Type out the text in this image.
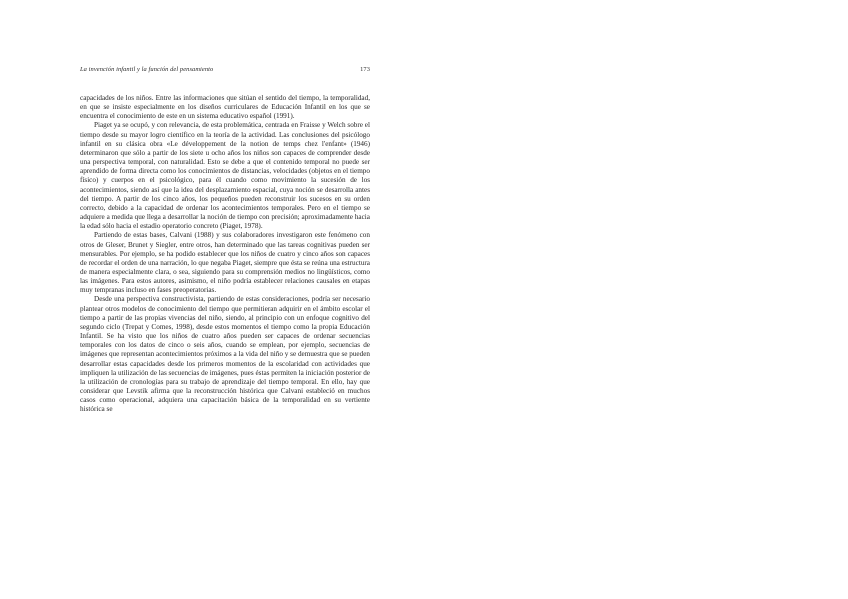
La invención infantil y la función del pensamiento	173

capacidades de los niños. Entre las informaciones que sitúan el sentido del tiempo, la temporalidad, en que se insiste especialmente en los diseños curriculares de Educación Infantil en los que se encuentra el conocimiento de este en un sistema educativo español (1991).

Piaget ya se ocupó, y con relevancia, de esta problemática, centrada en Fraisse y Welch sobre el tiempo desde su mayor logro científico en la teoría de la actividad. Las conclusiones del psicólogo infantil en su clásica obra «Le développement de la notion de temps chez l'enfant» (1946) determinaron que sólo a partir de los siete u ocho años los niños son capaces de comprender desde una perspectiva temporal, con naturalidad. Esto se debe a que el contenido temporal no puede ser aprendido de forma directa como los conocimientos de distancias, velocidades (objetos en el tiempo físico) y cuerpos en el psicológico, para él cuando como movimiento la sucesión de los acontecimientos, siendo así que la idea del desplazamiento espacial, cuya noción se desarrolla antes del tiempo. A partir de los cinco años, los pequeños pueden reconstruir los sucesos en su orden correcto, debido a la capacidad de ordenar los acontecimientos temporales. Pero en el tiempo se adquiere a medida que llega a desarrollar la noción de tiempo con precisión; aproximadamente hacia la edad sólo hacia el estadio operatorio concreto (Piaget, 1978).

Partiendo de estas bases, Calvani (1988) y sus colaboradores investigaron este fenómeno con otros de Gleser, Brunet y Siegler, entre otros, han determinado que las tareas cognitivas pueden ser mensurables. Por ejemplo, se ha podido establecer que los niños de cuatro y cinco años son capaces de recordar el orden de una narración, lo que negaba Piaget, siempre que ésta se reúna una estructura de manera especialmente clara, o sea, siguiendo para su comprensión medios no lingüísticos, como las imágenes. Para estos autores, asimismo, el niño podría establecer relaciones causales en etapas muy tempranas incluso en fases preoperatorias.

Desde una perspectiva constructivista, partiendo de estas consideraciones, podría ser necesario plantear otros modelos de conocimiento del tiempo que permitieran adquirir en el ámbito escolar el tiempo a partir de las propias vivencias del niño, siendo, al principio con un enfoque cognitivo del segundo ciclo (Trepat y Comes, 1998), desde estos momentos el tiempo como la propia Educación Infantil. Se ha visto que los niños de cuatro años pueden ser capaces de ordenar secuencias temporales con los datos de cinco o seis años, cuando se emplean, por ejemplo, secuencias de imágenes que representan acontecimientos próximos a la vida del niño y se demuestra que se pueden desarrollar estas capacidades desde los primeros momentos de la escolaridad con actividades que impliquen la utilización de las secuencias de imágenes, pues éstas permiten la iniciación posterior de la utilización de cronologías para su trabajo de aprendizaje del tiempo temporal. En ello, hay que considerar que Levstik afirma que la reconstrucción histórica que Calvani estableció en muchos casos como operacional, adquiera una capacitación básica de la temporalidad en su vertiente histórica se
